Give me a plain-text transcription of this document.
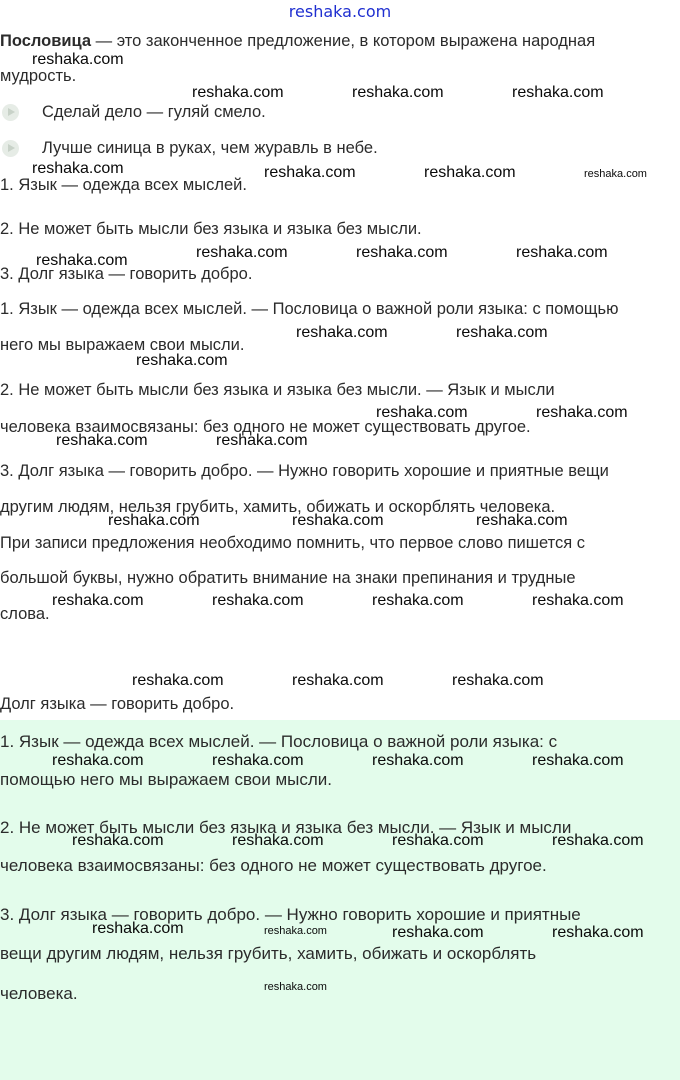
reshaka.com

Пословица — это законченное предложение, в котором выражена народная

мудрость.

Сделай дело — гуляй смело.
Лучше синица в руках, чем журавль в небе.

1. Язык — одежда всех мыслей.

2. Не может быть мысли без языка и языка без мысли.

3. Долг языка — говорить добро.

1. Язык — одежда всех мыслей. — Пословица о важной роли языка: с помощью

него мы выражаем свои мысли.

2. Не может быть мысли без языка и языка без мысли. — Язык и мысли

человека взаимосвязаны: без одного не может существовать другое.

3. Долг языка — говорить добро. — Нужно говорить хорошие и приятные вещи

другим людям, нельзя грубить, хамить, обижать и оскорблять человека.

При записи предложения необходимо помнить, что первое слово пишется с

большой буквы, нужно обратить внимание на знаки препинания и трудные

слова.

Долг языка — говорить добро.

1. Язык — одежда всех мыслей. — Пословица о важной роли языка: с

помощью него мы выражаем свои мысли.

2. Не может быть мысли без языка и языка без мысли. — Язык и мысли

человека взаимосвязаны: без одного не может существовать другое.

3. Долг языка — говорить добро. — Нужно говорить хорошие и приятные

вещи другим людям, нельзя грубить, хамить, обижать и оскорблять

человека.

reshaka.com
reshaka.com	reshaka.com	reshaka.com
reshaka.com	reshaka.com	reshaka.com	reshaka.com
reshaka.com	reshaka.com	reshaka.com	reshaka.com
reshaka.com	reshaka.com
reshaka.com
reshaka.com	reshaka.com
reshaka.com	reshaka.com
reshaka.com	reshaka.com	reshaka.com
reshaka.com	reshaka.com	reshaka.com	reshaka.com
reshaka.com	reshaka.com	reshaka.com
reshaka.com	reshaka.com	reshaka.com	reshaka.com
reshaka.com	reshaka.com	reshaka.com	reshaka.com
reshaka.com	reshaka.com	reshaka.com	reshaka.com
reshaka.com
